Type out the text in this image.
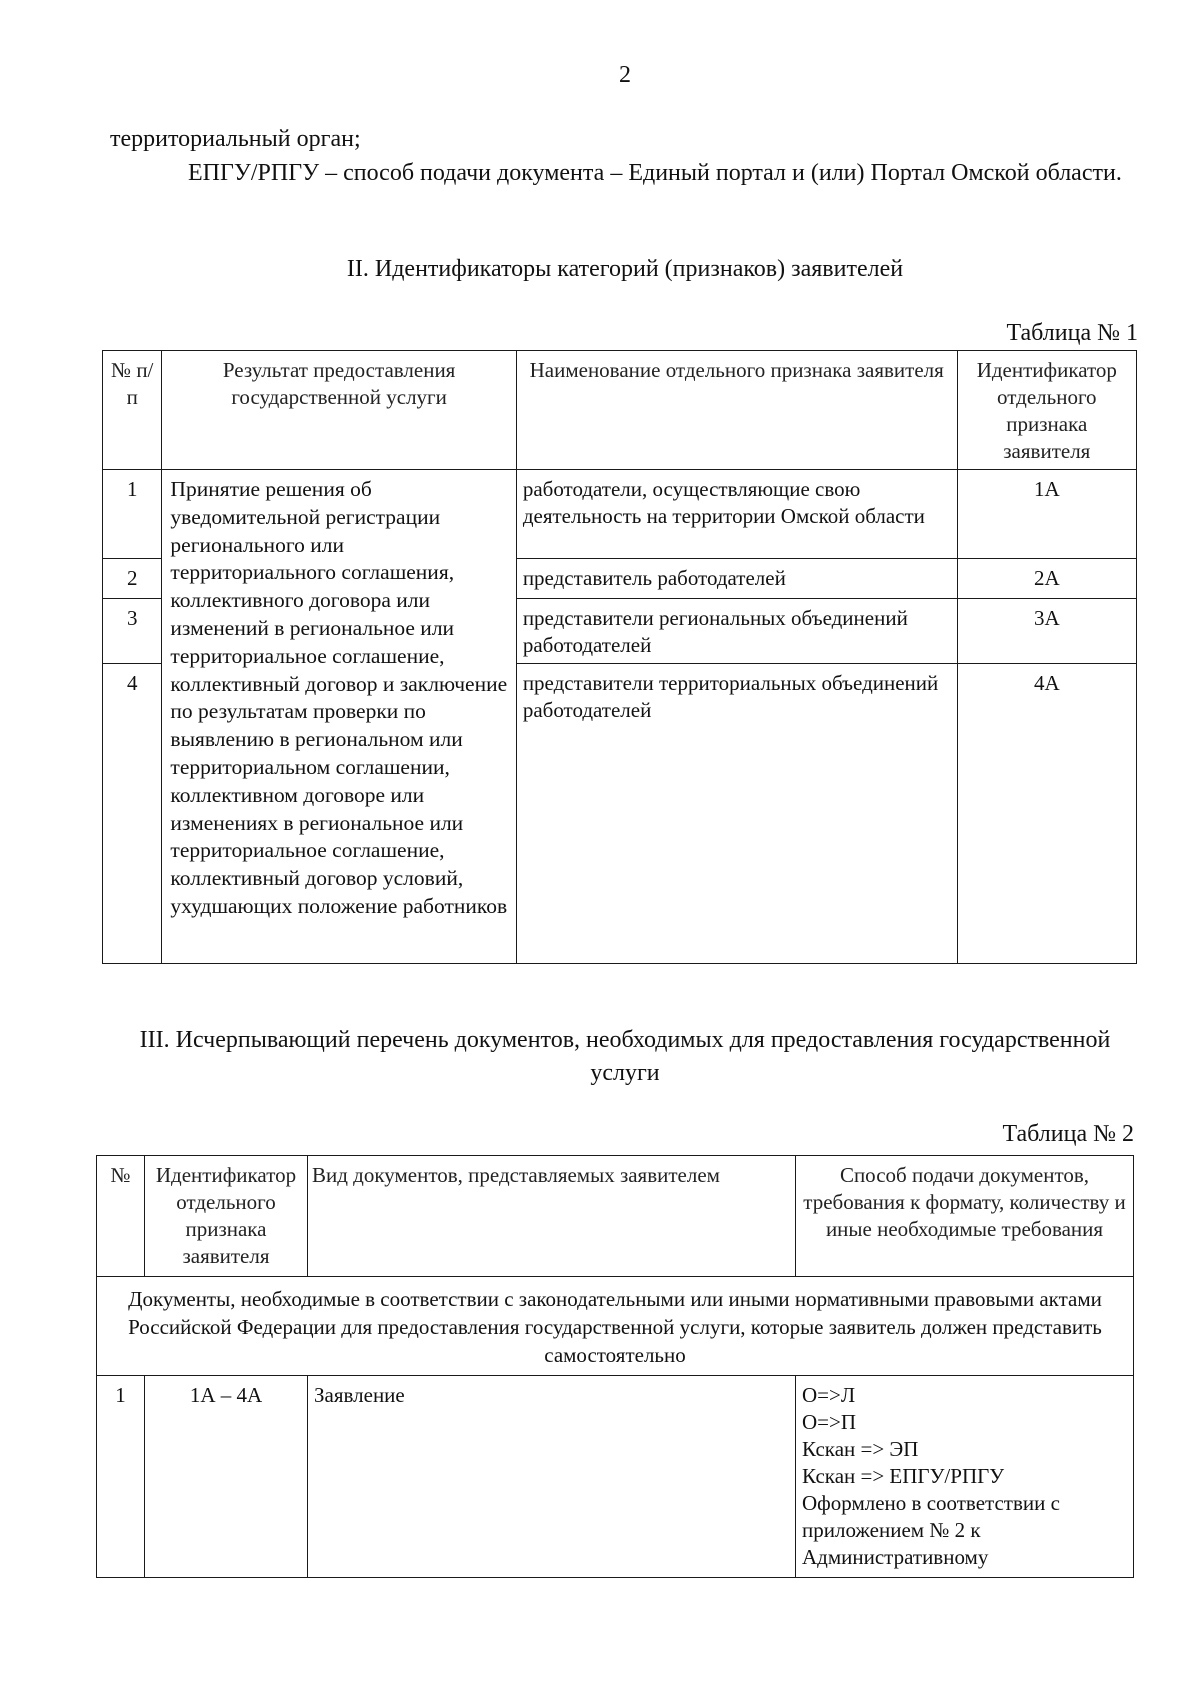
2
территориальный орган;
ЕПГУ/РПГУ – способ подачи документа – Единый портал и (или) Портал Омской области.
II. Идентификаторы категорий (признаков) заявителей
Таблица № 1
№ п/п	Результат предоставления государственной услуги	Наименование отдельного признака заявителя	Идентификатор отдельного признака заявителя
1	Принятие решения об уведомительной регистрации регионального или территориального соглашения, коллективного договора или изменений в региональное или территориальное соглашение, коллективный договор и заключение по результатам проверки по выявлению в региональном или территориальном соглашении, коллективном договоре или изменениях в региональное или территориальное соглашение, коллективный договор условий, ухудшающих положение работников	работодатели, осуществляющие свою деятельность на территории Омской области	1А
2		представитель работодателей	2А
3		представители региональных объединений работодателей	3А
4		представители территориальных объединений работодателей	4А
III. Исчерпывающий перечень документов, необходимых для предоставления государственной услуги
Таблица № 2
№	Идентификатор отдельного признака заявителя	Вид документов, представляемых заявителем	Способ подачи документов, требования к формату, количеству и иные необходимые требования
Документы, необходимые в соответствии с законодательными или иными нормативными правовыми актами Российской Федерации для предоставления государственной услуги, которые заявитель должен представить самостоятельно			
1	1А – 4А	Заявление	О=>Л
О=>П
Кскан => ЭП
Кскан => ЕПГУ/РПГУ
Оформлено в соответствии с приложением № 2 к Административному
